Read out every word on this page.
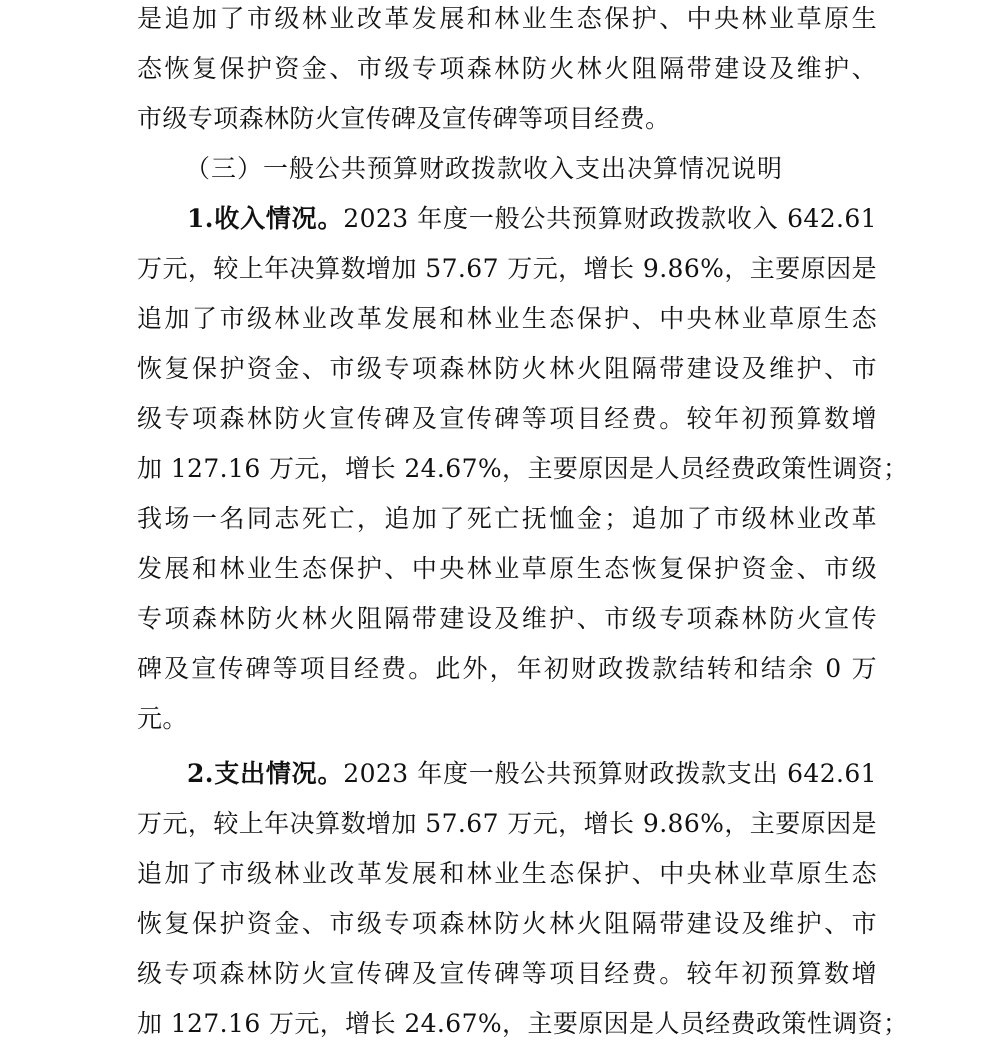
是追加了市级林业改革发展和林业生态保护、中央林业草原生
态恢复保护资金、市级专项森林防火林火阻隔带建设及维护、
市级专项森林防火宣传碑及宣传碑等项目经费。
（三）一般公共预算财政拨款收入支出决算情况说明
1.收入情况。2023 年度一般公共预算财政拨款收入 642.61
万元，较上年决算数增加 57.67 万元，增长 9.86%，主要原因是
追加了市级林业改革发展和林业生态保护、中央林业草原生态
恢复保护资金、市级专项森林防火林火阻隔带建设及维护、市
级专项森林防火宣传碑及宣传碑等项目经费。较年初预算数增
加 127.16 万元，增长 24.67%，主要原因是人员经费政策性调资；
我场一名同志死亡，追加了死亡抚恤金；追加了市级林业改革
发展和林业生态保护、中央林业草原生态恢复保护资金、市级
专项森林防火林火阻隔带建设及维护、市级专项森林防火宣传
碑及宣传碑等项目经费。此外，年初财政拨款结转和结余 0 万
元。
2.支出情况。2023 年度一般公共预算财政拨款支出 642.61
万元，较上年决算数增加 57.67 万元，增长 9.86%，主要原因是
追加了市级林业改革发展和林业生态保护、中央林业草原生态
恢复保护资金、市级专项森林防火林火阻隔带建设及维护、市
级专项森林防火宣传碑及宣传碑等项目经费。较年初预算数增
加 127.16 万元，增长 24.67%，主要原因是人员经费政策性调资；
